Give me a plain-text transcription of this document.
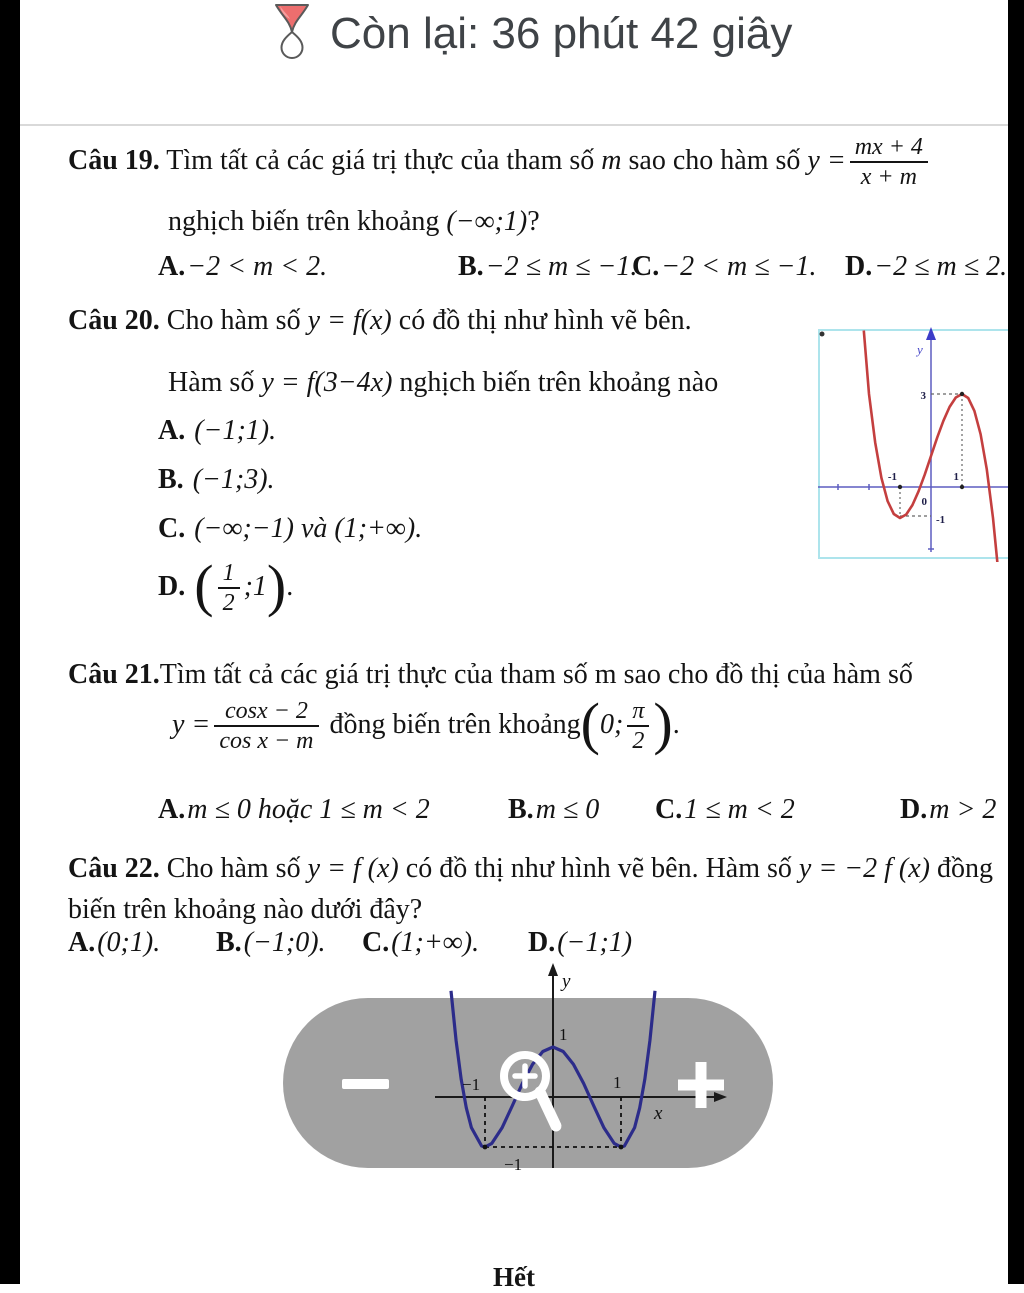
Còn lại: 36 phút 42 giây
Câu 19. Tìm tất cả các giá trị thực của tham số m sao cho hàm số $y = \frac{mx + 4}{x + m}$
nghịch biến trên khoảng (−∞;1)?
A.−2 < m < 2.	B.−2 ≤ m ≤ −1.
C.−2 < m ≤ −1. D.−2 ≤ m ≤ 2.
Câu 20. Cho hàm số y = f(x) có đồ thị như hình vẽ bên.
Hàm số y = f(3−4x) nghịch biến trên khoảng nào
A. (−1;1).
B. (−1;3).
C. (−∞;−1) và (1;+∞).
D. ( $\frac{1}{2}$ ;1).
y
3
-1	1
0
-1
Câu 21.Tìm tất cả các giá trị thực của tham số m sao cho đồ thị của hàm số
$y = \frac{\cos x - 2}{\text{cos x − m}}$ đồng biến trên khoảng(0; $\frac{\pi}{2}$ ).
A.m ≤ 0 hoặc 1 ≤ m < 2	B.m ≤ 0 C.1 ≤ m < 2	D.m > 2
Câu 22. Cho hàm số y = f (x) có đồ thị như hình vẽ bên. Hàm số y = −2 f (x) đồng
biến trên khoảng nào dưới đây?
A.(0;1). B.(−1;0). C.(1;+∞). D.(−1;1)
y
x
1
−1	1
−1
Hết
